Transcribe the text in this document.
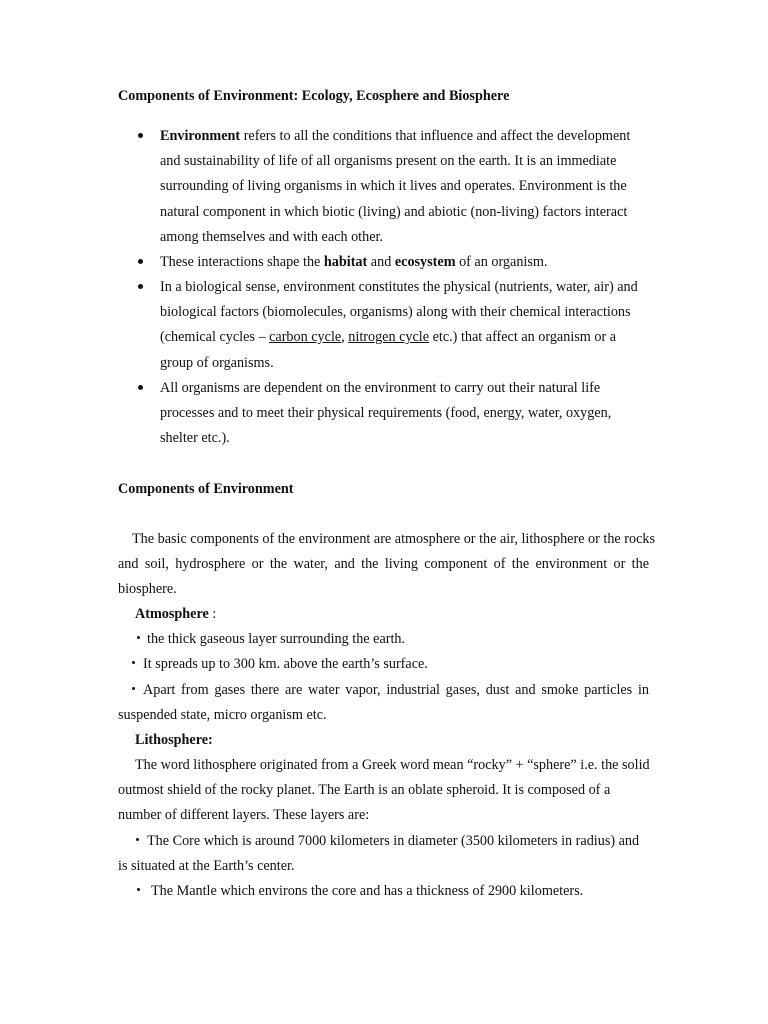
Components of Environment: Ecology, Ecosphere and Biosphere
Environment refers to all the conditions that influence and affect the development
and sustainability of life of all organisms present on the earth. It is an immediate
surrounding of living organisms in which it lives and operates. Environment is the
natural component in which biotic (living) and abiotic (non-living) factors interact
among themselves and with each other.
These interactions shape the habitat and ecosystem of an organism.
In a biological sense, environment constitutes the physical (nutrients, water, air) and
biological factors (biomolecules, organisms) along with their chemical interactions
(chemical cycles – carbon cycle, nitrogen cycle etc.) that affect an organism or a
group of organisms.
All organisms are dependent on the environment to carry out their natural life
processes and to meet their physical requirements (food, energy, water, oxygen,
shelter etc.).
Components of Environment
The basic components of the environment are atmosphere or the air, lithosphere or the rocks
and soil, hydrosphere or the water, and the living component of the environment or the
biosphere.
Atmosphere :
the thick gaseous layer surrounding the earth.
It spreads up to 300 km. above the earth’s surface.
Apart from gases there are water vapor, industrial gases, dust and smoke particles in
suspended state, micro organism etc.
Lithosphere:
The word lithosphere originated from a Greek word mean “rocky” + “sphere” i.e. the solid
outmost shield of the rocky planet. The Earth is an oblate spheroid. It is composed of a
number of different layers. These layers are:
The Core which is around 7000 kilometers in diameter (3500 kilometers in radius) and
is situated at the Earth’s center.
The Mantle which environs the core and has a thickness of 2900 kilometers.
